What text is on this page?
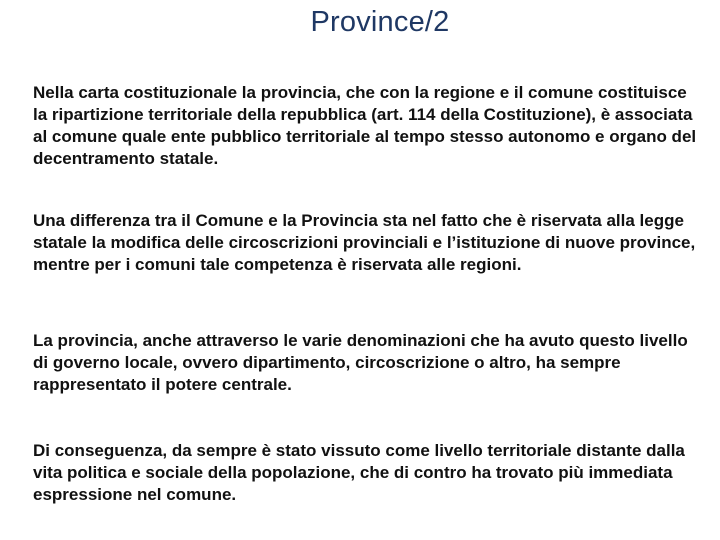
Province/2

Nella carta costituzionale la provincia, che con la regione e il comune costituisce la ripartizione territoriale della repubblica (art. 114 della Costituzione), è associata al comune quale ente pubblico territoriale al tempo stesso autonomo e organo del decentramento statale.

Una differenza tra il Comune e la Provincia sta nel fatto che è riservata alla legge statale la modifica delle circoscrizioni provinciali e l’istituzione di nuove province, mentre per i comuni tale competenza è riservata alle regioni.

La provincia, anche attraverso le varie denominazioni che ha avuto questo livello di governo locale, ovvero dipartimento, circoscrizione o altro, ha sempre rappresentato il potere centrale.

Di conseguenza, da sempre è stato vissuto come livello territoriale distante dalla vita politica e sociale della popolazione, che di contro ha trovato più immediata espressione nel comune.
